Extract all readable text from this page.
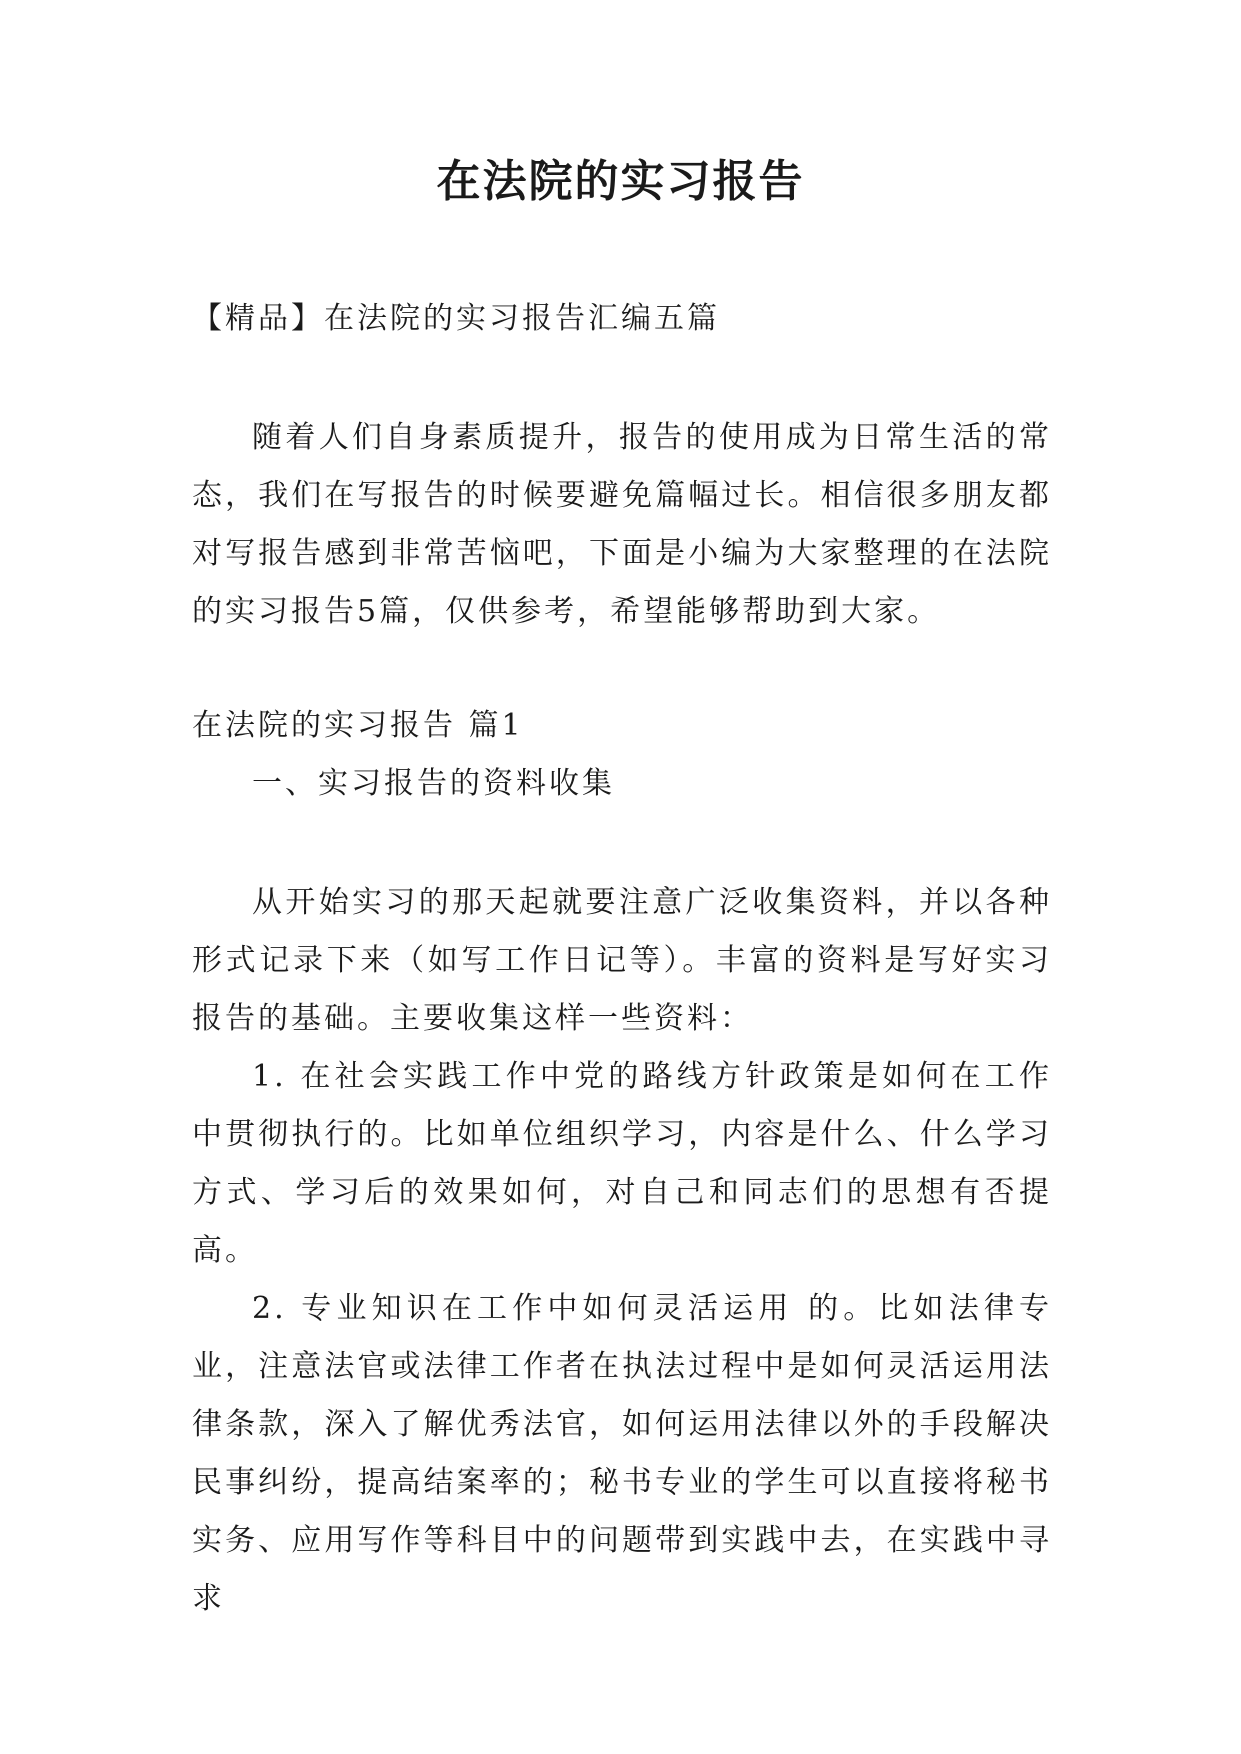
在法院的实习报告
【精品】在法院的实习报告汇编五篇

随着人们自身素质提升，报告的使用成为日常生活的常态，我们在写报告的时候要避免篇幅过长。相信很多朋友都对写报告感到非常苦恼吧，下面是小编为大家整理的在法院的实习报告5篇，仅供参考，希望能够帮助到大家。

在法院的实习报告 篇1

一、实习报告的资料收集

从开始实习的那天起就要注意广泛收集资料，并以各种形式记录下来（如写工作日记等）。丰富的资料是写好实习报告的基础。主要收集这样一些资料：

1. 在社会实践工作中党的路线方针政策是如何在工作中贯彻执行的。比如单位组织学习，内容是什么、什么学习方式、学习后的效果如何，对自己和同志们的思想有否提高。

2. 专业知识在工作中如何灵活运用 的。比如法律专业，注意法官或法律工作者在执法过程中是如何灵活运用法律条款，深入了解优秀法官，如何运用法律以外的手段解决民事纠纷，提高结案率的；秘书专业的学生可以直接将秘书实务、应用写作等科目中的问题带到实践中去，在实践中寻求
